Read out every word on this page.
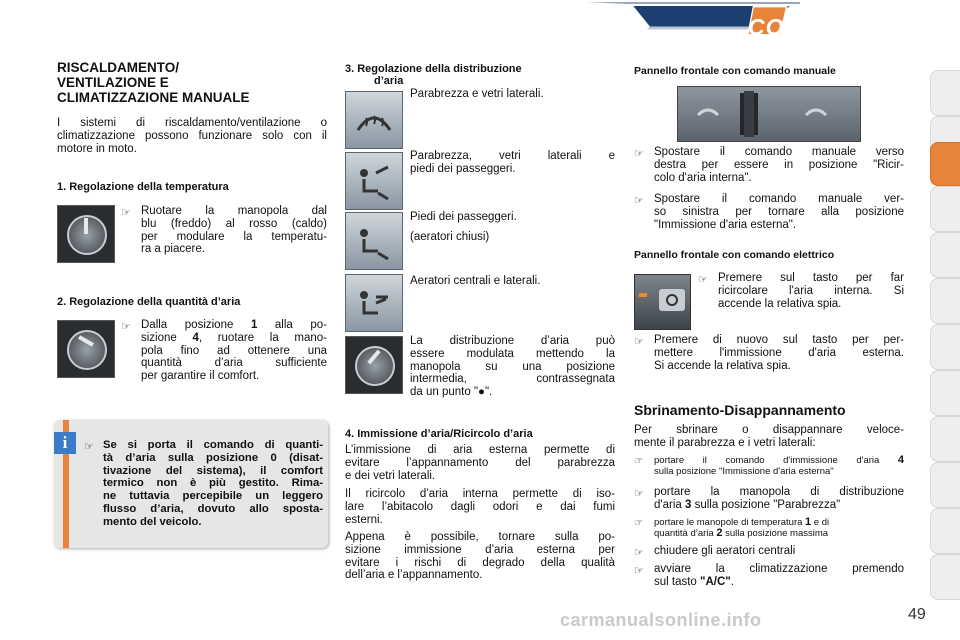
COMFORT	2
RISCALDAMENTO/
VENTILAZIONE E
CLIMATIZZAZIONE MANUALE
I sistemi di riscaldamento/ventilazione o climatizzazione possono funzionare solo con il motore in moto.
1. Regolazione della temperatura
☞ Ruotare la manopola dal
blu (freddo) al rosso (caldo)
per modulare la temperatu-
ra a piacere.
2. Regolazione della quantità d’aria
☞ Dalla posizione 1 alla po-
sizione 4, ruotare la mano-
pola fino ad ottenere una
quantità d’aria sufficiente
per garantire il comfort.
i	☞ Se si porta il comando di quanti-
tà d’aria sulla posizione 0 (disat-
tivazione del sistema), il comfort
termico non è più gestito. Rima-
ne tuttavia percepibile un leggero
flusso d’aria, dovuto allo sposta-
mento del veicolo.
3. Regolazione della distribuzione
d’aria
Parabrezza e vetri laterali.
Parabrezza, vetri laterali e
piedi dei passeggeri.
Piedi dei passeggeri.
(aeratori chiusi)
Aeratori centrali e laterali.
La distribuzione d’aria può
essere modulata mettendo la
manopola su una posizione
intermedia, contrassegnata
da un punto "●".
4. Immissione d’aria/Ricircolo d’aria
L’immissione di aria esterna permette di
evitare l’appannamento del parabrezza
e dei vetri laterali.
Il ricircolo d’aria interna permette di iso-
lare l’abitacolo dagli odori e dai fumi
esterni.
Appena è possibile, tornare sulla po-
sizione immissione d’aria esterna per
evitare i rischi di degrado della qualità
dell’aria e l’appannamento.
Pannello frontale con comando manuale
☞ Spostare il comando manuale verso
destra per essere in posizione "Ricir-
colo d'aria interna".
☞ Spostare il comando manuale ver-
so sinistra per tornare alla posizione
"Immissione d'aria esterna".
Pannello frontale con comando elettrico
☞ Premere sul tasto per far
ricircolare l'aria interna. Si
accende la relativa spia.
☞ Premere di nuovo sul tasto per per-
mettere l'immissione d'aria esterna.
Si accende la relativa spia.
Sbrinamento-Disappannamento
Per sbrinare o disappannare veloce-
mente il parabrezza e i vetri laterali:
☞ portare il comando d'immissione d'aria 4
sulla posizione "Immissione d'aria esterna"
☞ portare la manopola di distribuzione
d'aria 3 sulla posizione "Parabrezza"
☞ portare le manopole di temperatura 1 e di
quantità d’aria 2 sulla posizione massima
☞ chiudere gli aeratori centrali
☞ avviare la climatizzazione premendo
sul tasto "A/C".
carmanualsonline.info	49
